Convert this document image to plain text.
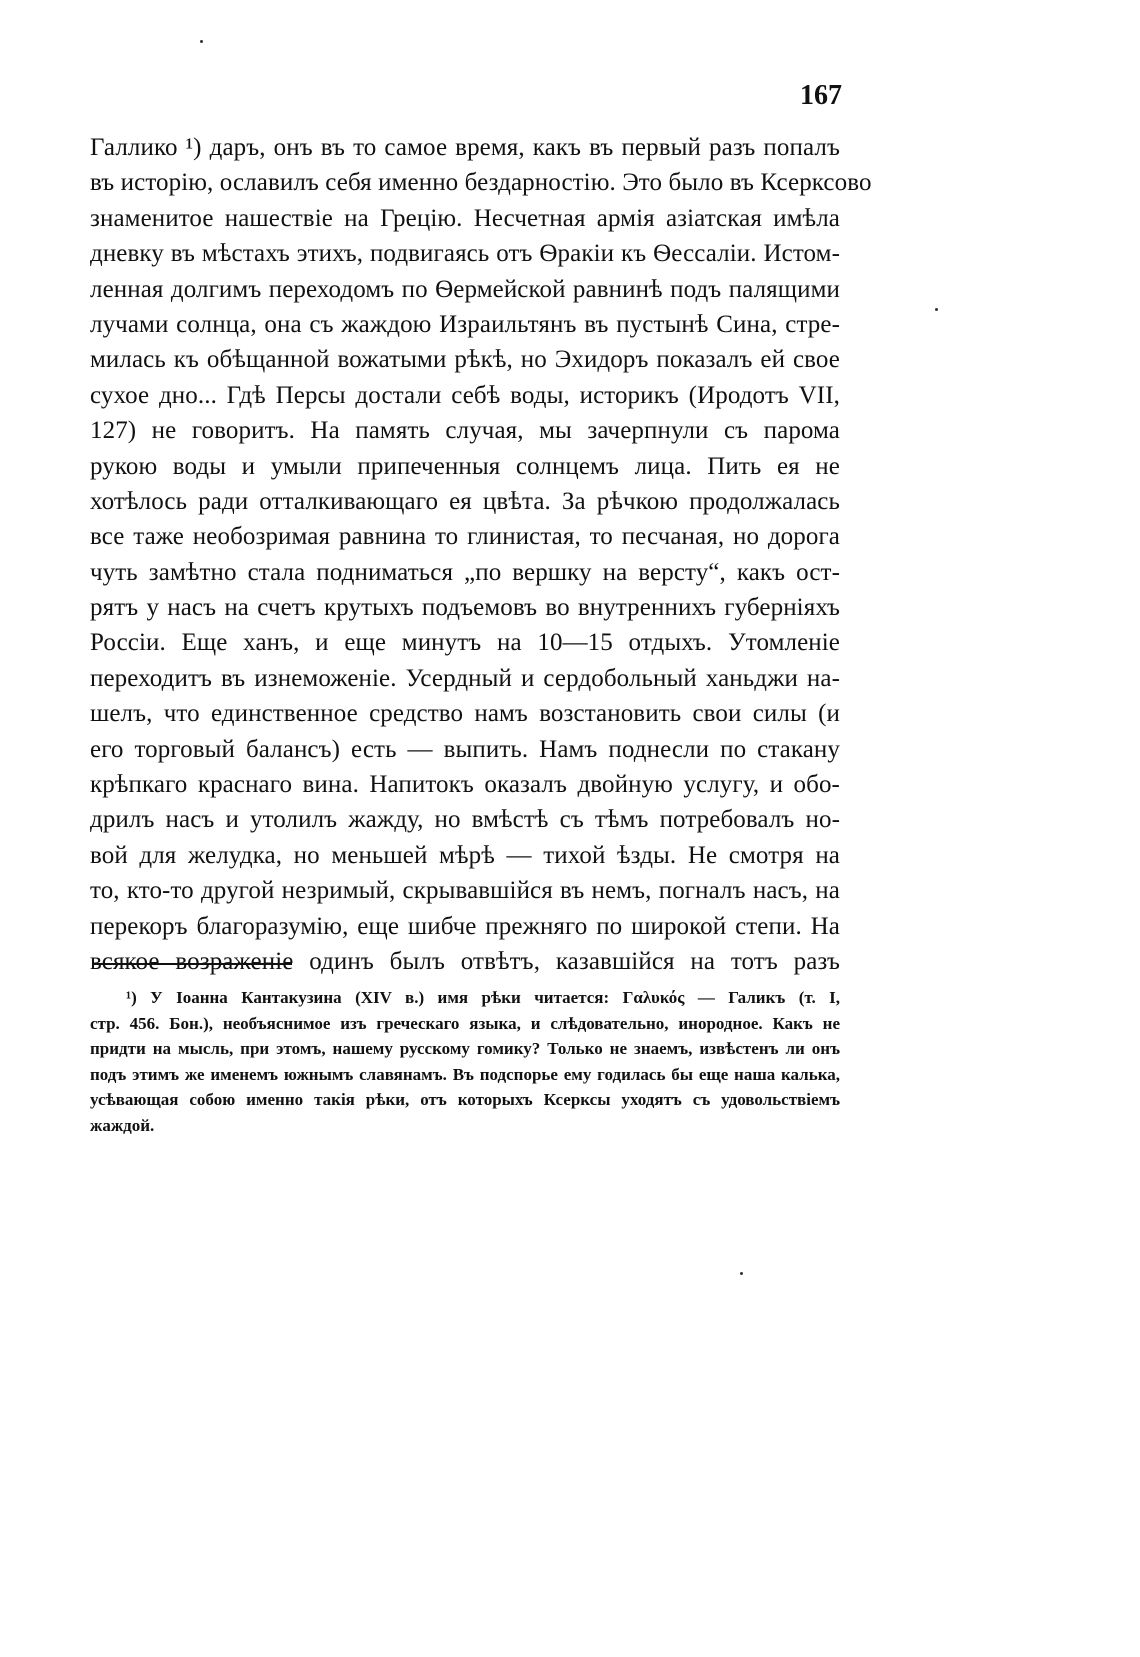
167
Галлико ¹) даръ, онъ въ то самое время, какъ въ первый разъ попалъ
въ исторію, ославилъ себя именно бездарностію. Это было въ Ксерксово
знаменитое нашествіе на Грецію. Несчетная армія азіатская имѣла
дневку въ мѣстахъ этихъ, подвигаясь отъ Ѳракіи къ Ѳессаліи. Истом-
ленная долгимъ переходомъ по Ѳермейской равнинѣ подъ палящими
лучами солнца, она съ жаждою Израильтянъ въ пустынѣ Сина, стре-
милась къ обѣщанной вожатыми рѣкѣ, но Эхидоръ показалъ ей свое
сухое дно... Гдѣ Персы достали себѣ воды, историкъ (Иродотъ VII,
127) не говоритъ. На память случая, мы зачерпнули съ парома
рукою воды и умыли припеченныя солнцемъ лица. Пить ея не
хотѣлось ради отталкивающаго ея цвѣта. За рѣчкою продолжалась
все таже необозримая равнина то глинистая, то песчаная, но дорога
чуть замѣтно стала подниматься „по вершку на версту“, какъ ост-
рятъ у насъ на счетъ крутыхъ подъемовъ во внутреннихъ губерніяхъ
Россіи. Еще ханъ, и еще минутъ на 10—15 отдыхъ. Утомленіе
переходитъ въ изнеможеніе. Усердный и сердобольный ханьджи на-
шелъ, что единственное средство намъ возстановить свои силы (и
его торговый балансъ) есть — выпить. Намъ поднесли по стакану
крѣпкаго краснаго вина. Напитокъ оказалъ двойную услугу, и обо-
дрилъ насъ и утолилъ жажду, но вмѣстѣ съ тѣмъ потребовалъ но-
вой для желудка, но меньшей мѣрѣ — тихой ѣзды. Не смотря на
то, кто-то другой незримый, скрывавшійся въ немъ, погналъ насъ, на
перекоръ благоразумію, еще шибче прежняго по широкой степи. На
всякое возраженіе одинъ былъ отвѣтъ, казавшійся на тотъ разъ
¹) У Іоанна Кантакузина (XIV в.) имя рѣки читается: Γαλυκός — Галикъ (т. I,
стр. 456. Бон.), необъяснимое изъ греческаго языка, и слѣдовательно, инородное. Какъ не
придти на мысль, при этомъ, нашему русскому гомику? Только не знаемъ, извѣстенъ ли онъ
подъ этимъ же именемъ южнымъ славянамъ. Въ подспорье ему годилась бы еще наша калька,
усѣвающая собою именно такія рѣки, отъ которыхъ Ксерксы уходятъ съ удовольствіемъ
жаждой.
